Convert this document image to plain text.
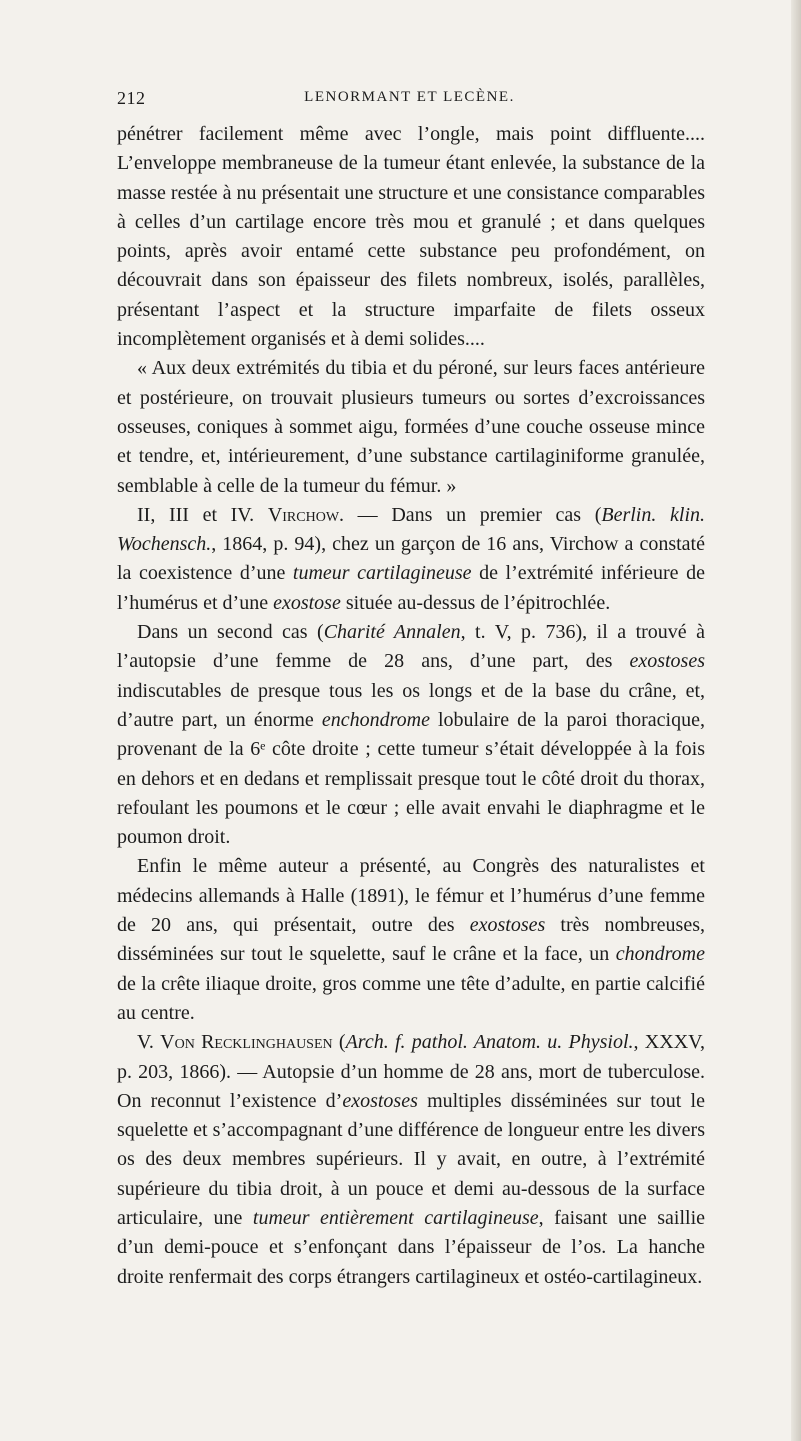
212	LENORMANT ET LECÈNE.

pénétrer facilement même avec l’ongle, mais point diffluente.... L’enveloppe membraneuse de la tumeur étant enlevée, la substance de la masse restée à nu présentait une structure et une consistance comparables à celles d’un cartilage encore très mou et granulé ; et dans quelques points, après avoir entamé cette substance peu profondément, on découvrait dans son épaisseur des filets nombreux, isolés, parallèles, présentant l’aspect et la structure imparfaite de filets osseux incomplètement organisés et à demi solides....

« Aux deux extrémités du tibia et du péroné, sur leurs faces antérieure et postérieure, on trouvait plusieurs tumeurs ou sortes d’excroissances osseuses, coniques à sommet aigu, formées d’une couche osseuse mince et tendre, et, intérieurement, d’une substance cartilaginiforme granulée, semblable à celle de la tumeur du fémur. »

II, III et IV. Virchow. — Dans un premier cas (Berlin. klin. Wochensch., 1864, p. 94), chez un garçon de 16 ans, Virchow a constaté la coexistence d’une tumeur cartilagineuse de l’extrémité inférieure de l’humérus et d’une exostose située au-dessus de l’épitrochlée.

Dans un second cas (Charité Annalen, t. V, p. 736), il a trouvé à l’autopsie d’une femme de 28 ans, d’une part, des exostoses indiscutables de presque tous les os longs et de la base du crâne, et, d’autre part, un énorme enchondrome lobulaire de la paroi thoracique, provenant de la 6ᵉ côte droite ; cette tumeur s’était développée à la fois en dehors et en dedans et remplissait presque tout le côté droit du thorax, refoulant les poumons et le cœur ; elle avait envahi le diaphragme et le poumon droit.

Enfin le même auteur a présenté, au Congrès des naturalistes et médecins allemands à Halle (1891), le fémur et l’humérus d’une femme de 20 ans, qui présentait, outre des exostoses très nombreuses, disséminées sur tout le squelette, sauf le crâne et la face, un chondrome de la crête iliaque droite, gros comme une tête d’adulte, en partie calcifié au centre.

V. Von Recklinghausen (Arch. f. pathol. Anatom. u. Physiol., XXXV, p. 203, 1866). — Autopsie d’un homme de 28 ans, mort de tuberculose. On reconnut l’existence d’exostoses multiples disséminées sur tout le squelette et s’accompagnant d’une différence de longueur entre les divers os des deux membres supérieurs. Il y avait, en outre, à l’extrémité supérieure du tibia droit, à un pouce et demi au-dessous de la surface articulaire, une tumeur entièrement cartilagineuse, faisant une saillie d’un demi-pouce et s’enfonçant dans l’épaisseur de l’os. La hanche droite renfermait des corps étrangers cartilagineux et ostéo-cartilagineux.
